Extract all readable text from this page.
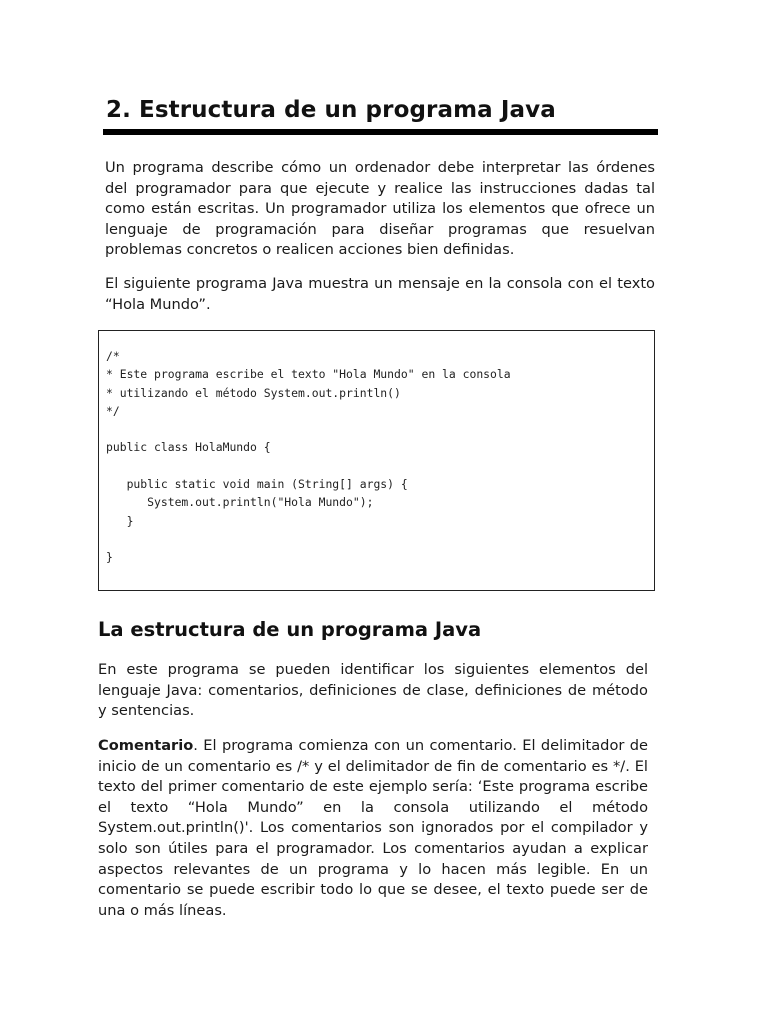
2. Estructura de un programa Java

Un programa describe cómo un ordenador debe interpretar las órdenes del programador para que ejecute y realice las instrucciones dadas tal como están escritas. Un programador utiliza los elementos que ofrece un lenguaje de programación para diseñar programas que resuelvan problemas concretos o realicen acciones bien definidas.

El siguiente programa Java muestra un mensaje en la consola con el texto “Hola Mundo”.

/*
* Este programa escribe el texto "Hola Mundo" en la consola
* utilizando el método System.out.println()
*/

public class HolaMundo {

public static void main (String[] args) {
System.out.println("Hola Mundo");
}

}
La estructura de un programa Java

En este programa se pueden identificar los siguientes elementos del lenguaje Java: comentarios, definiciones de clase, definiciones de método y sentencias.

Comentario. El programa comienza con un comentario. El delimitador de inicio de un comentario es /* y el delimitador de fin de comentario es */. El texto del primer comentario de este ejemplo sería: ‘Este programa escribe el texto “Hola Mundo” en la consola utilizando el método System.out.println()'. Los comentarios son ignorados por el compilador y solo son útiles para el programador. Los comentarios ayudan a explicar aspectos relevantes de un programa y lo hacen más legible. En un comentario se puede escribir todo lo que se desee, el texto puede ser de una o más líneas.
